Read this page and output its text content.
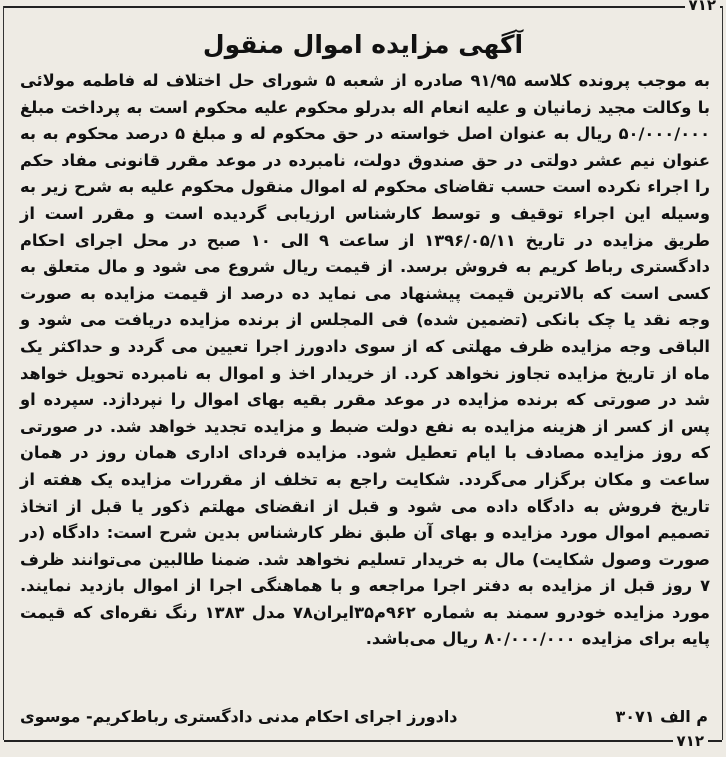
۷۱۲
آگهی مزایده اموال منقول

به موجب پرونده کلاسه ۹۱/۹۵ صادره از شعبه ۵ شورای حل اختلاف له فاطمه مولائی با وکالت مجید زمانیان و علیه انعام اله بدرلو محکوم علیه محکوم است به پرداخت مبلغ ۵۰/۰۰۰/۰۰۰ ریال به عنوان اصل خواسته در حق محکوم له و مبلغ ۵ درصد محکوم به به عنوان نیم عشر دولتی در حق صندوق دولت، نامبرده در موعد مقرر قانونی مفاد حکم را اجراء نکرده است حسب تقاضای محکوم له اموال منقول محکوم علیه به شرح زیر به وسیله این اجراء توقیف و توسط کارشناس ارزیابی گردیده است و مقرر است از طریق مزایده در تاریخ ۱۳۹۶/۰۵/۱۱ از ساعت ۹ الی ۱۰ صبح در محل اجرای احکام دادگستری رباط کریم به فروش برسد. از قیمت ریال شروع می شود و مال متعلق به کسی است که بالاترین قیمت پیشنهاد می نماید ده درصد از قیمت مزایده به صورت وجه نقد یا چک بانکی (تضمین شده) فی المجلس از برنده مزایده دریافت می شود و الباقی وجه مزایده ظرف مهلتی که از سوی دادورز اجرا تعیین می گردد و حداکثر یک ماه از تاریخ مزایده تجاوز نخواهد کرد. از خریدار اخذ و اموال به نامبرده تحویل خواهد شد در صورتی که برنده مزایده در موعد مقرر بقیه بهای اموال را نپردازد. سپرده او پس از کسر از هزینه مزایده به نفع دولت ضبط و مزایده تجدید خواهد شد. در صورتی که روز مزایده مصادف با ایام تعطیل شود. مزایده فردای اداری همان روز در همان ساعت و مکان برگزار می‌گردد. شکایت راجع به تخلف از مقررات مزایده یک هفته از تاریخ فروش به دادگاه داده می شود و قبل از انقضای مهلتم ذکور یا قبل از اتخاذ تصمیم اموال مورد مزایده و بهای آن طبق نظر کارشناس بدین شرح است: دادگاه (در صورت وصول شکایت) مال به خریدار تسلیم نخواهد شد. ضمنا طالبین می‌توانند ظرف ۷ روز قبل از مزایده به دفتر اجرا مراجعه و با هماهنگی اجرا از اموال بازدید نمایند. مورد مزایده خودرو سمند به شماره ۹۶۲م۳۵ایران۷۸ مدل ۱۳۸۳ رنگ نقره‌ای که قیمت پایه برای مزایده ۸۰/۰۰۰/۰۰۰ ریال می‌باشد.

م الف ۳۰۷۱
دادورز اجرای احکام مدنی دادگستری رباط‌کریم- موسوی
۷۱۲
